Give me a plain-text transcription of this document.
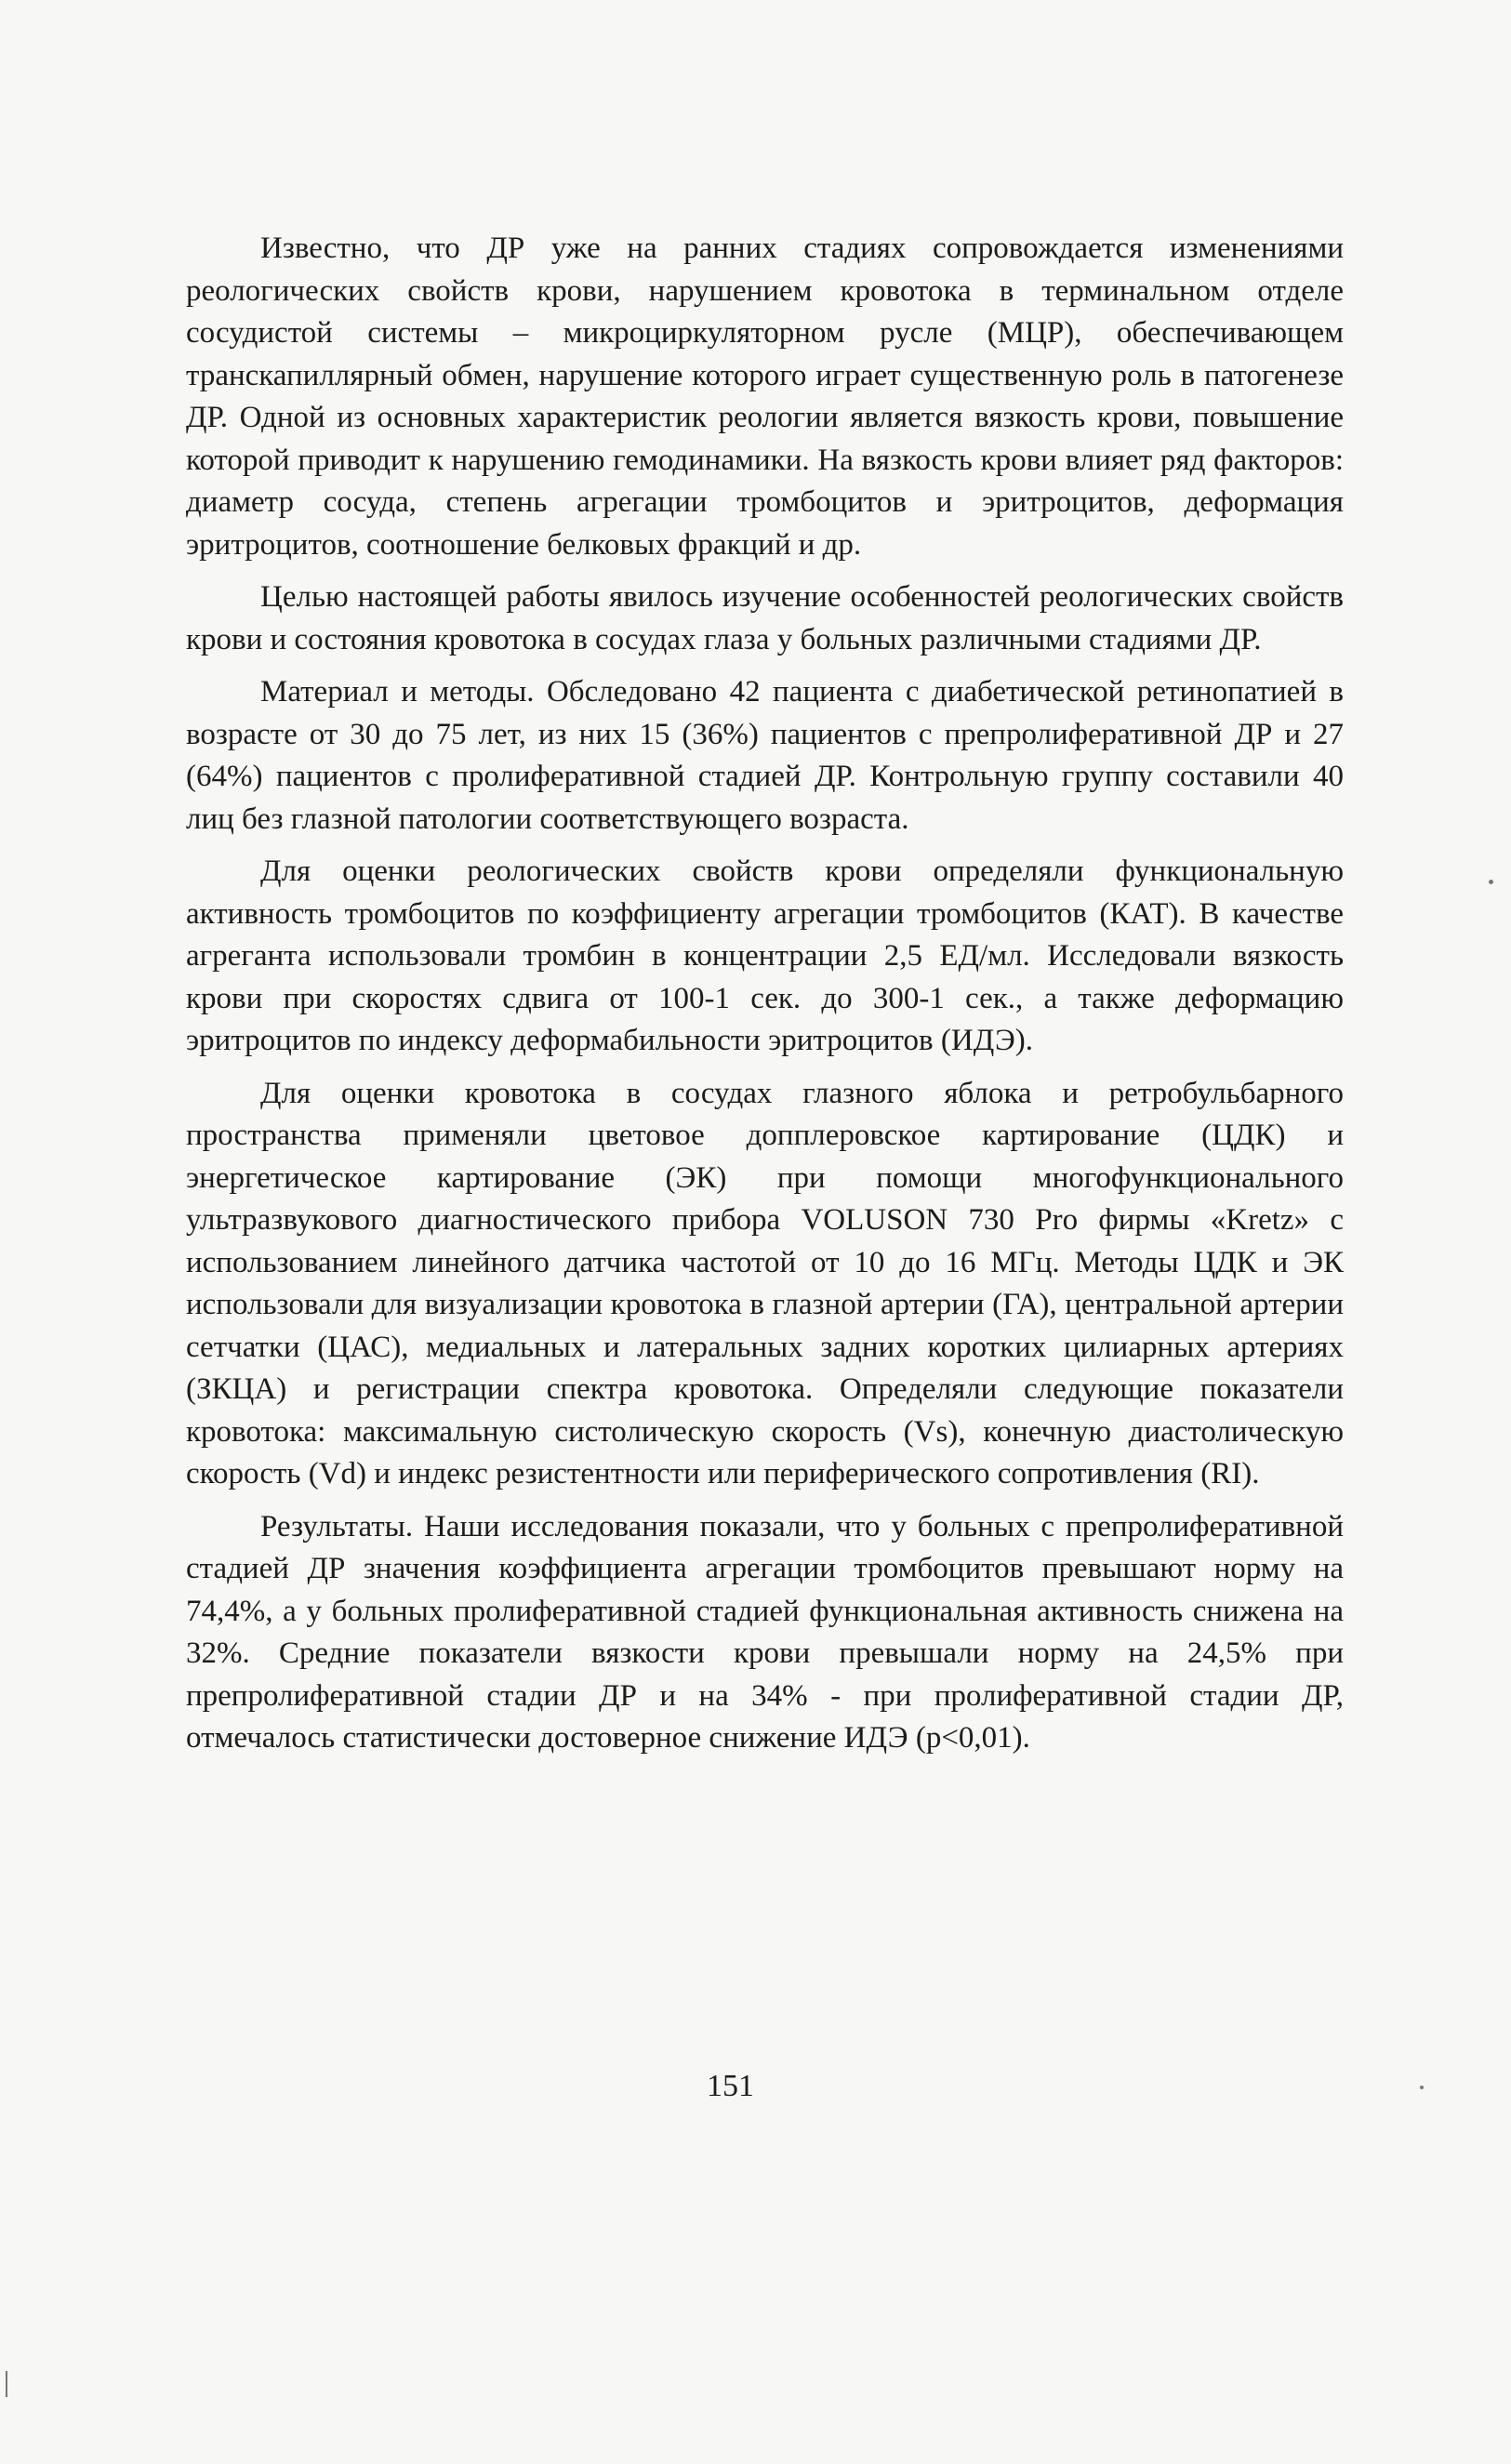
Известно, что ДР уже на ранних стадиях сопровождается изменениями реологических свойств крови, нарушением кровотока в терминальном отделе сосудистой системы – микроциркуляторном русле (МЦР), обеспечивающем транскапиллярный обмен, нарушение которого играет существенную роль в патогенезе ДР. Одной из основных характеристик реологии является вязкость крови, повышение которой приводит к нарушению гемодинамики. На вязкость крови влияет ряд факторов: диаметр сосуда, степень агрегации тромбоцитов и эритроцитов, деформация эритроцитов, соотношение белковых фракций и др.

Целью настоящей работы явилось изучение особенностей реологических свойств крови и состояния кровотока в сосудах глаза у больных различными стадиями ДР.

Материал и методы. Обследовано 42 пациента с диабетической ретинопатией в возрасте от 30 до 75 лет, из них 15 (36%) пациентов с препролиферативной ДР и 27 (64%) пациентов с пролиферативной стадией ДР. Контрольную группу составили 40 лиц без глазной патологии соответствующего возраста.

Для оценки реологических свойств крови определяли функциональную активность тромбоцитов по коэффициенту агрегации тромбоцитов (КАТ). В качестве агреганта использовали тромбин в концентрации 2,5 ЕД/мл. Исследовали вязкость крови при скоростях сдвига от 100-1 сек. до 300-1 сек., а также деформацию эритроцитов по индексу деформабильности эритроцитов (ИДЭ).

Для оценки кровотока в сосудах глазного яблока и ретробульбарного пространства применяли цветовое допплеровское картирование (ЦДК) и энергетическое картирование (ЭК) при помощи многофункционального ультразвукового диагностического прибора VOLUSON 730 Pro фирмы «Kretz» с использованием линейного датчика частотой от 10 до 16 МГц. Методы ЦДК и ЭК использовали для визуализации кровотока в глазной артерии (ГА), центральной артерии сетчатки (ЦАС), медиальных и латеральных задних коротких цилиарных артериях (ЗКЦА) и регистрации спектра кровотока. Определяли следующие показатели кровотока: максимальную систолическую скорость (Vs), конечную диастолическую скорость (Vd) и индекс резистентности или периферического сопротивления (RI).

Результаты. Наши исследования показали, что у больных с препролиферативной стадией ДР значения коэффициента агрегации тромбоцитов превышают норму на 74,4%, а у больных пролиферативной стадией функциональная активность снижена на 32%. Средние показатели вязкости крови превышали норму на 24,5% при препролиферативной стадии ДР и на 34% - при пролиферативной стадии ДР, отмечалось статистически достоверное снижение ИДЭ (р<0,01).

151
